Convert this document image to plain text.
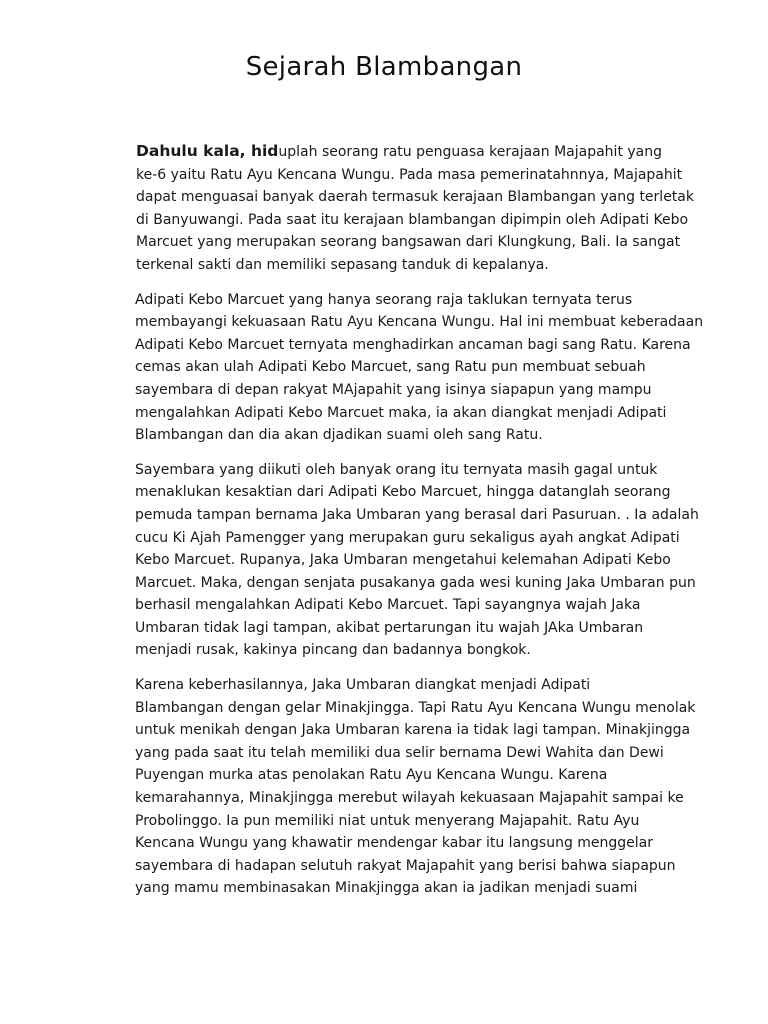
Sejarah Blambangan

Dahulu kala, hiduplah seorang ratu penguasa kerajaan Majapahit yang
ke-6 yaitu Ratu Ayu Kencana Wungu. Pada masa pemerinatahnnya, Majapahit
dapat menguasai banyak daerah termasuk kerajaan Blambangan yang terletak
di Banyuwangi. Pada saat itu kerajaan blambangan dipimpin oleh Adipati Kebo
Marcuet yang merupakan seorang bangsawan dari Klungkung, Bali. Ia sangat
terkenal sakti dan memiliki sepasang tanduk di kepalanya.

Adipati Kebo Marcuet yang hanya seorang raja taklukan ternyata terus
membayangi kekuasaan Ratu Ayu Kencana Wungu. Hal ini membuat keberadaan
Adipati Kebo Marcuet ternyata menghadirkan ancaman bagi sang Ratu. Karena
cemas akan ulah Adipati Kebo Marcuet, sang Ratu pun membuat sebuah
sayembara di depan rakyat MAjapahit yang isinya siapapun yang mampu
mengalahkan Adipati Kebo Marcuet maka, ia akan diangkat menjadi Adipati
Blambangan dan dia akan djadikan suami oleh sang Ratu.

Sayembara yang diikuti oleh banyak orang itu ternyata masih gagal untuk
menaklukan kesaktian dari Adipati Kebo Marcuet, hingga datanglah seorang
pemuda tampan bernama Jaka Umbaran yang berasal dari Pasuruan. . Ia adalah
cucu Ki Ajah Pamengger yang merupakan guru sekaligus ayah angkat Adipati
Kebo Marcuet. Rupanya, Jaka Umbaran mengetahui kelemahan Adipati Kebo
Marcuet. Maka, dengan senjata pusakanya gada wesi kuning Jaka Umbaran pun
berhasil mengalahkan Adipati Kebo Marcuet. Tapi sayangnya wajah Jaka
Umbaran tidak lagi tampan, akibat pertarungan itu wajah JAka Umbaran
menjadi rusak, kakinya pincang dan badannya bongkok.

Karena keberhasilannya, Jaka Umbaran diangkat menjadi Adipati
Blambangan dengan gelar Minakjingga. Tapi Ratu Ayu Kencana Wungu menolak
untuk menikah dengan Jaka Umbaran karena ia tidak lagi tampan. Minakjingga
yang pada saat itu telah memiliki dua selir bernama Dewi Wahita dan Dewi
Puyengan murka atas penolakan Ratu Ayu Kencana Wungu. Karena
kemarahannya, Minakjingga merebut wilayah kekuasaan Majapahit sampai ke
Probolinggo. Ia pun memiliki niat untuk menyerang Majapahit. Ratu Ayu
Kencana Wungu yang khawatir mendengar kabar itu langsung menggelar
sayembara di hadapan selutuh rakyat Majapahit yang berisi bahwa siapapun
yang mamu membinasakan Minakjingga akan ia jadikan menjadi suami
